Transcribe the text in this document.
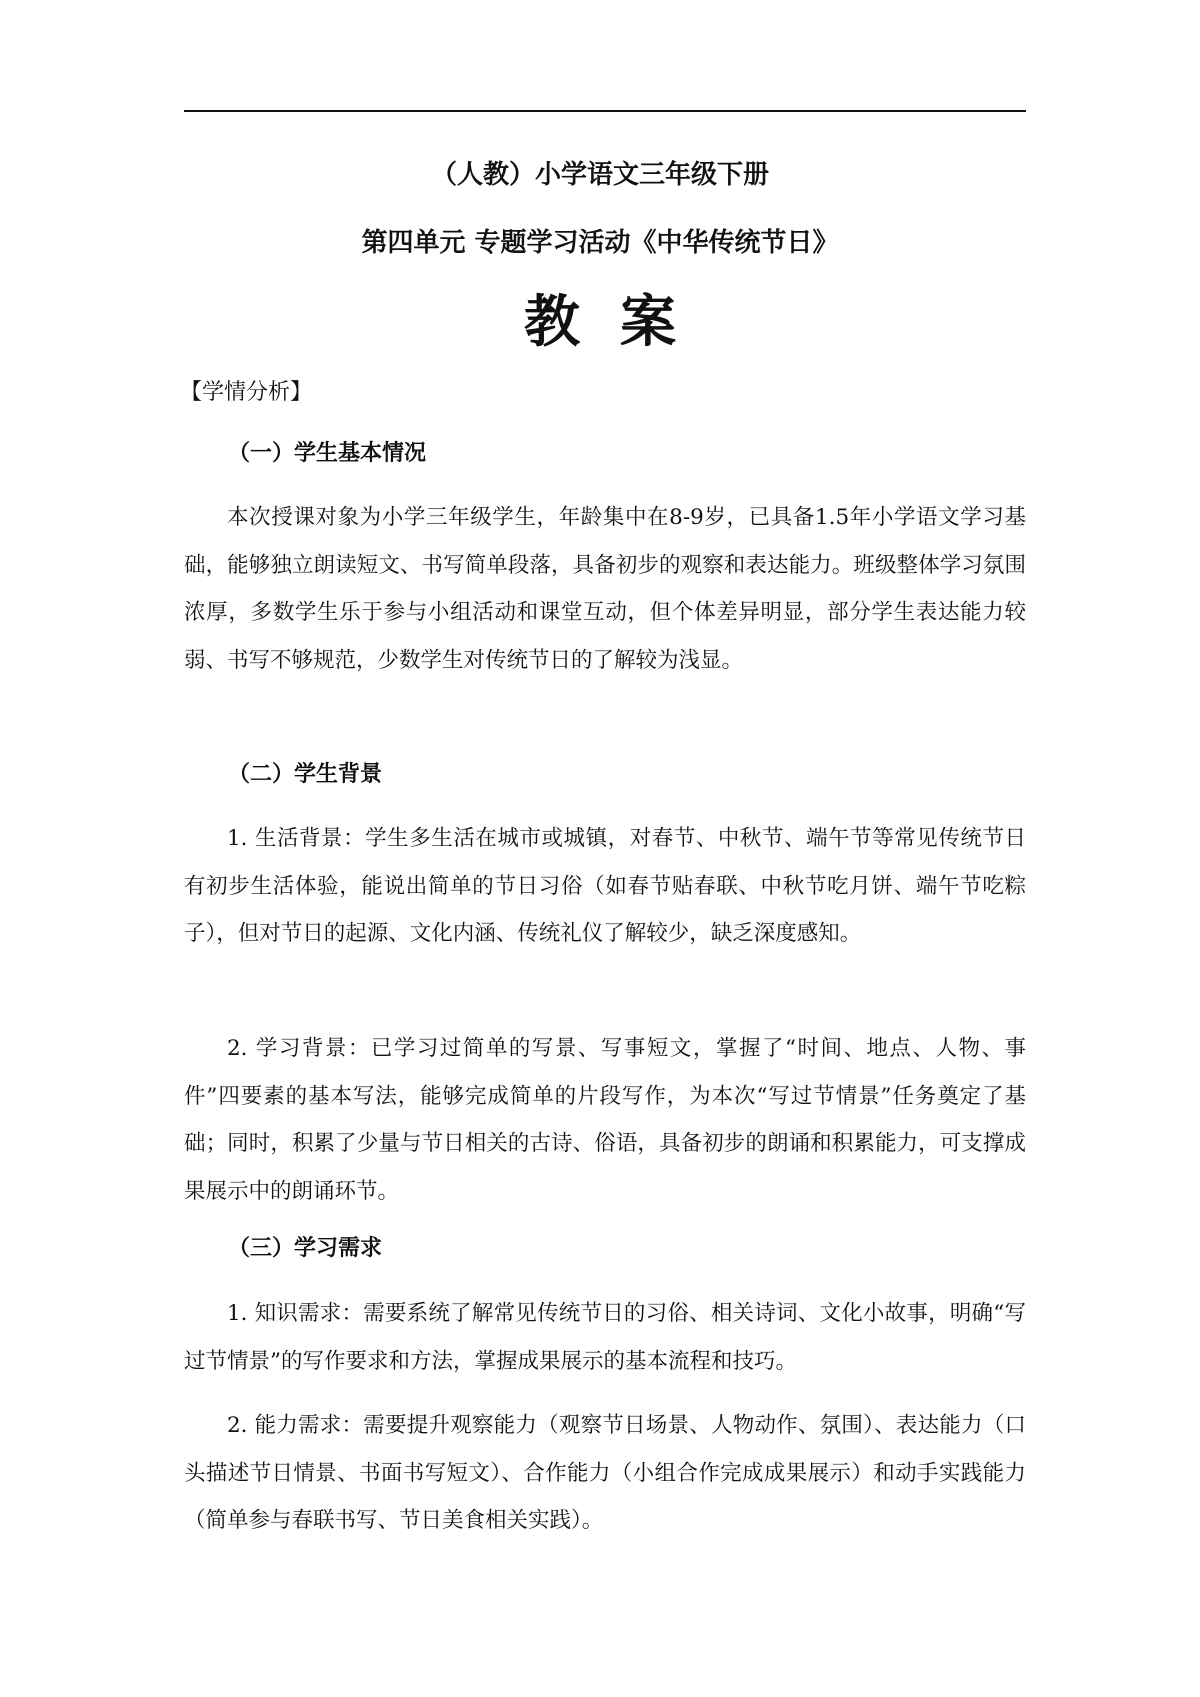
（人教）小学语文三年级下册
第四单元 专题学习活动《中华传统节日》
教案
【学情分析】
（一）学生基本情况

本次授课对象为小学三年级学生，年龄集中在8-9岁，已具备1.5年小学语文学习基础，能够独立朗读短文、书写简单段落，具备初步的观察和表达能力。班级整体学习氛围浓厚，多数学生乐于参与小组活动和课堂互动，但个体差异明显，部分学生表达能力较弱、书写不够规范，少数学生对传统节日的了解较为浅显。

（二）学生背景

1. 生活背景：学生多生活在城市或城镇，对春节、中秋节、端午节等常见传统节日有初步生活体验，能说出简单的节日习俗（如春节贴春联、中秋节吃月饼、端午节吃粽子），但对节日的起源、文化内涵、传统礼仪了解较少，缺乏深度感知。

2. 学习背景：已学习过简单的写景、写事短文，掌握了“时间、地点、人物、事件”四要素的基本写法，能够完成简单的片段写作，为本次“写过节情景”任务奠定了基础；同时，积累了少量与节日相关的古诗、俗语，具备初步的朗诵和积累能力，可支撑成果展示中的朗诵环节。

（三）学习需求

1. 知识需求：需要系统了解常见传统节日的习俗、相关诗词、文化小故事，明确“写过节情景”的写作要求和方法，掌握成果展示的基本流程和技巧。

2. 能力需求：需要提升观察能力（观察节日场景、人物动作、氛围）、表达能力（口头描述节日情景、书面书写短文）、合作能力（小组合作完成成果展示）和动手实践能力（简单参与春联书写、节日美食相关实践）。
